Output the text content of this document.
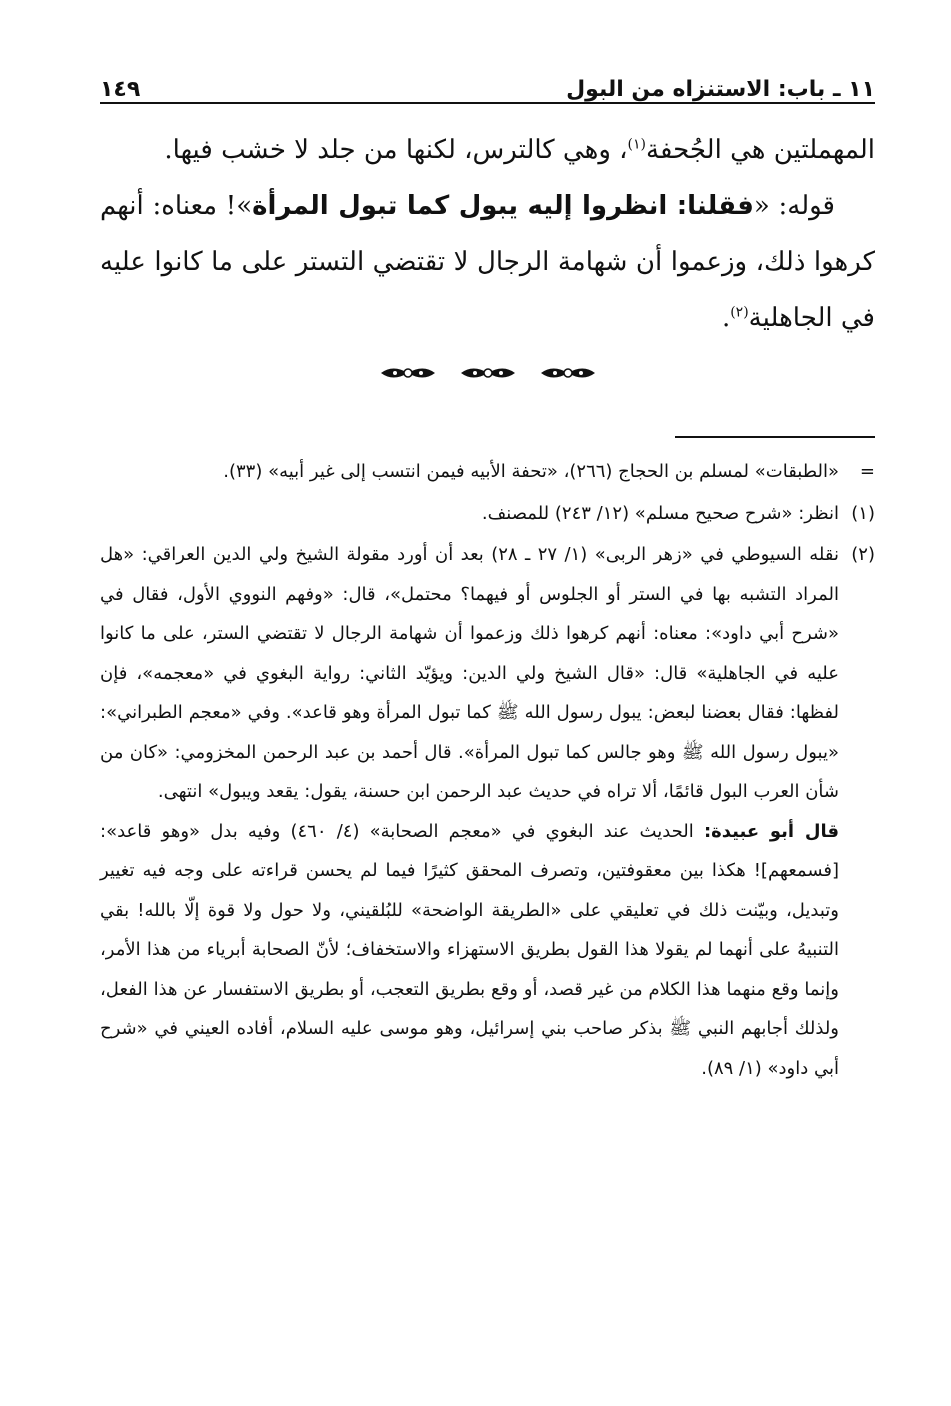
١١ ـ باب: الاستنزاه من البول
١٤٩

المهملتين هي الجُحفة$^{(١)}$، وهي كالترس، لكنها من جلد لا خشب فيها.

قوله: «فقلنا: انظروا إليه يبول كما تبول المرأة»! معناه: أنهم كرهوا ذلك، وزعموا أن شهامة الرجال لا تقتضي التستر على ما كانوا عليه في الجاهلية$^{(٢)}$.

=
«الطبقات» لمسلم بن الحجاج (٢٦٦)، «تحفة الأبيه فيمن انتسب إلى غير أبيه» (٣٣).
(١)
انظر: «شرح صحيح مسلم» (١٢/ ٢٤٣) للمصنف.
(٢)
نقله السيوطي في «زهر الربى» (١/ ٢٧ ـ ٢٨) بعد أن أورد مقولة الشيخ ولي الدين العراقي: «هل المراد التشبه بها في الستر أو الجلوس أو فيهما؟ محتمل»، قال: «وفهم النووي الأول، فقال في «شرح أبي داود»: معناه: أنهم كرهوا ذلك وزعموا أن شهامة الرجال لا تقتضي الستر، على ما كانوا عليه في الجاهلية» قال: «قال الشيخ ولي الدين: ويؤيّد الثاني: رواية البغوي في «معجمه»، فإن لفظها: فقال بعضنا لبعض: يبول رسول الله ﷺ كما تبول المرأة وهو قاعد». وفي «معجم الطبراني»: «يبول رسول الله ﷺ وهو جالس كما تبول المرأة». قال أحمد بن عبد الرحمن المخزومي: «كان من شأن العرب البول قائمًا، ألا تراه في حديث عبد الرحمن ابن حسنة، يقول: يقعد ويبول» انتهى.
قال أبو عبيدة: الحديث عند البغوي في «معجم الصحابة» (٤/ ٤٦٠) وفيه بدل «وهو قاعد»: [فسمعهم]! هكذا بين معقوفتين، وتصرف المحقق كثيرًا فيما لم يحسن قراءته على وجه فيه تغيير وتبديل، وبيّنت ذلك في تعليقي على «الطريقة الواضحة» للبُلقيني، ولا حول ولا قوة إلّا بالله! بقي التنبيهُ على أنهما لم يقولا هذا القول بطريق الاستهزاء والاستخفاف؛ لأنّ الصحابة أبرياء من هذا الأمر، وإنما وقع منهما هذا الكلام من غير قصد، أو وقع بطريق التعجب، أو بطريق الاستفسار عن هذا الفعل، ولذلك أجابهم النبي ﷺ بذكر صاحب بني إسرائيل، وهو موسى عليه السلام، أفاده العيني في «شرح أبي داود» (١/ ٨٩).
